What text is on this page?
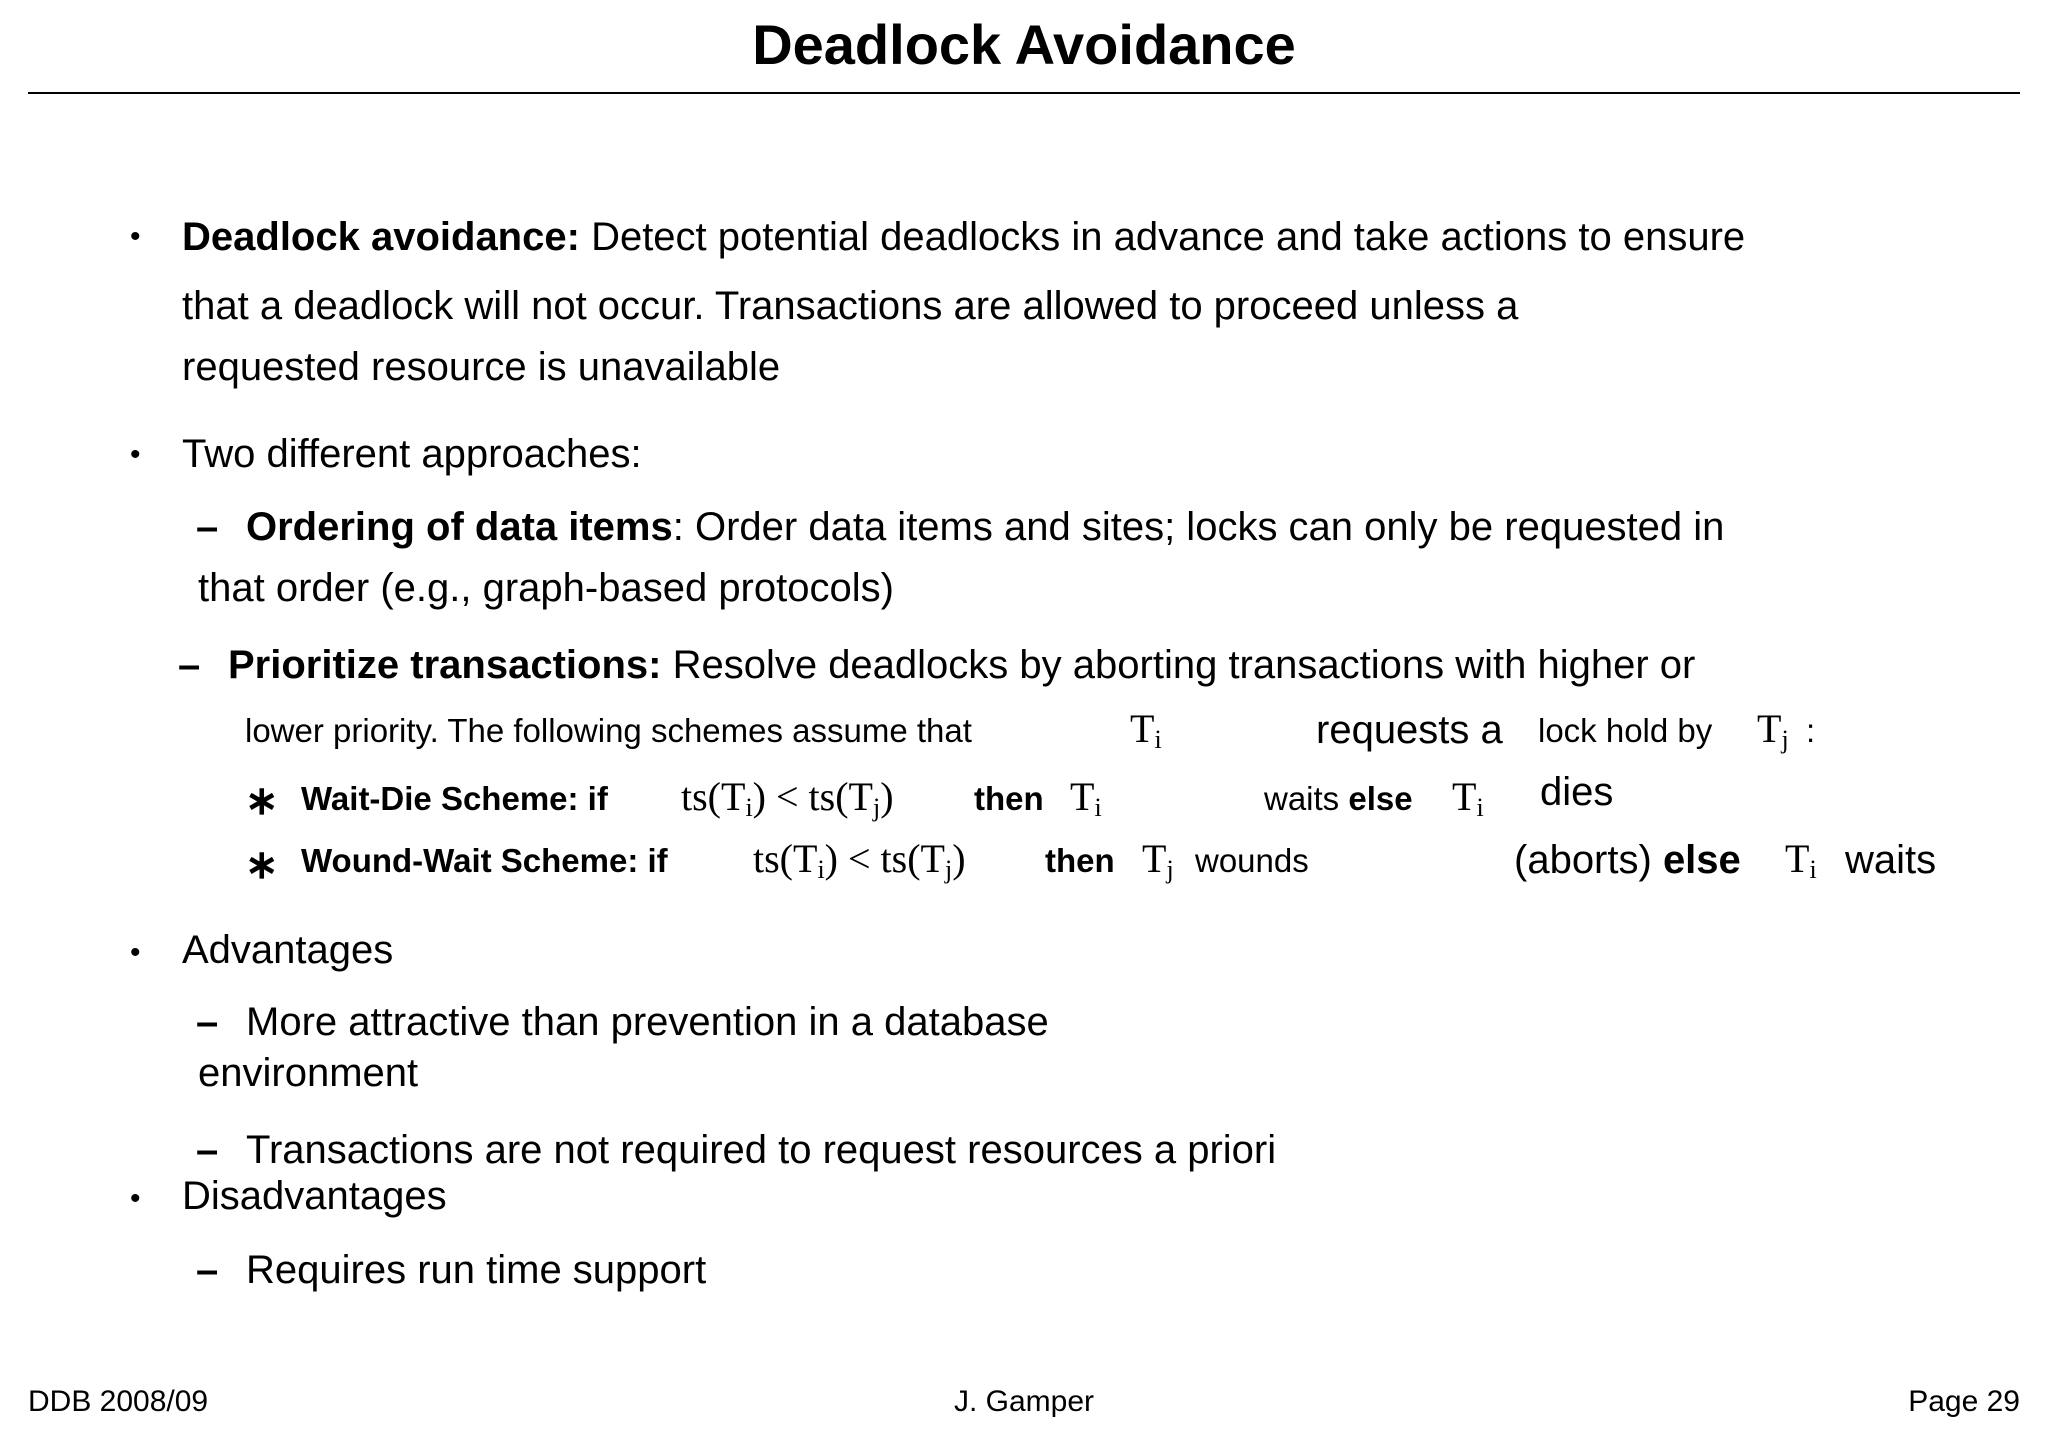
Deadlock Avoidance
• Deadlock avoidance: Detect potential deadlocks in advance and take actions to ensure
that a deadlock will not occur. Transactions are allowed to proceed unless a
requested resource is unavailable
• Two different approaches:
– Ordering of data items: Order data items and sites; locks can only be requested in
that order (e.g., graph-based protocols)
– Prioritize transactions: Resolve deadlocks by aborting transactions with higher or
lower priority. The following schemes assume that	$T_i$	requests a lock hold by $T_j$ :
∗ Wait-Die Scheme: if $ts(T_i) < ts(T_j)$ then $T_i$	waits else $T_i$ dies
∗ Wound-Wait Scheme: if $ts(T_i) < ts(T_j)$ then $T_j$ wounds	(aborts) else $T_i$ waits
• Advantages
– More attractive than prevention in a database
environment
– Transactions are not required to request resources a priori
• Disadvantages
– Requires run time support
DDB 2008/09	J. Gamper	Page 29
